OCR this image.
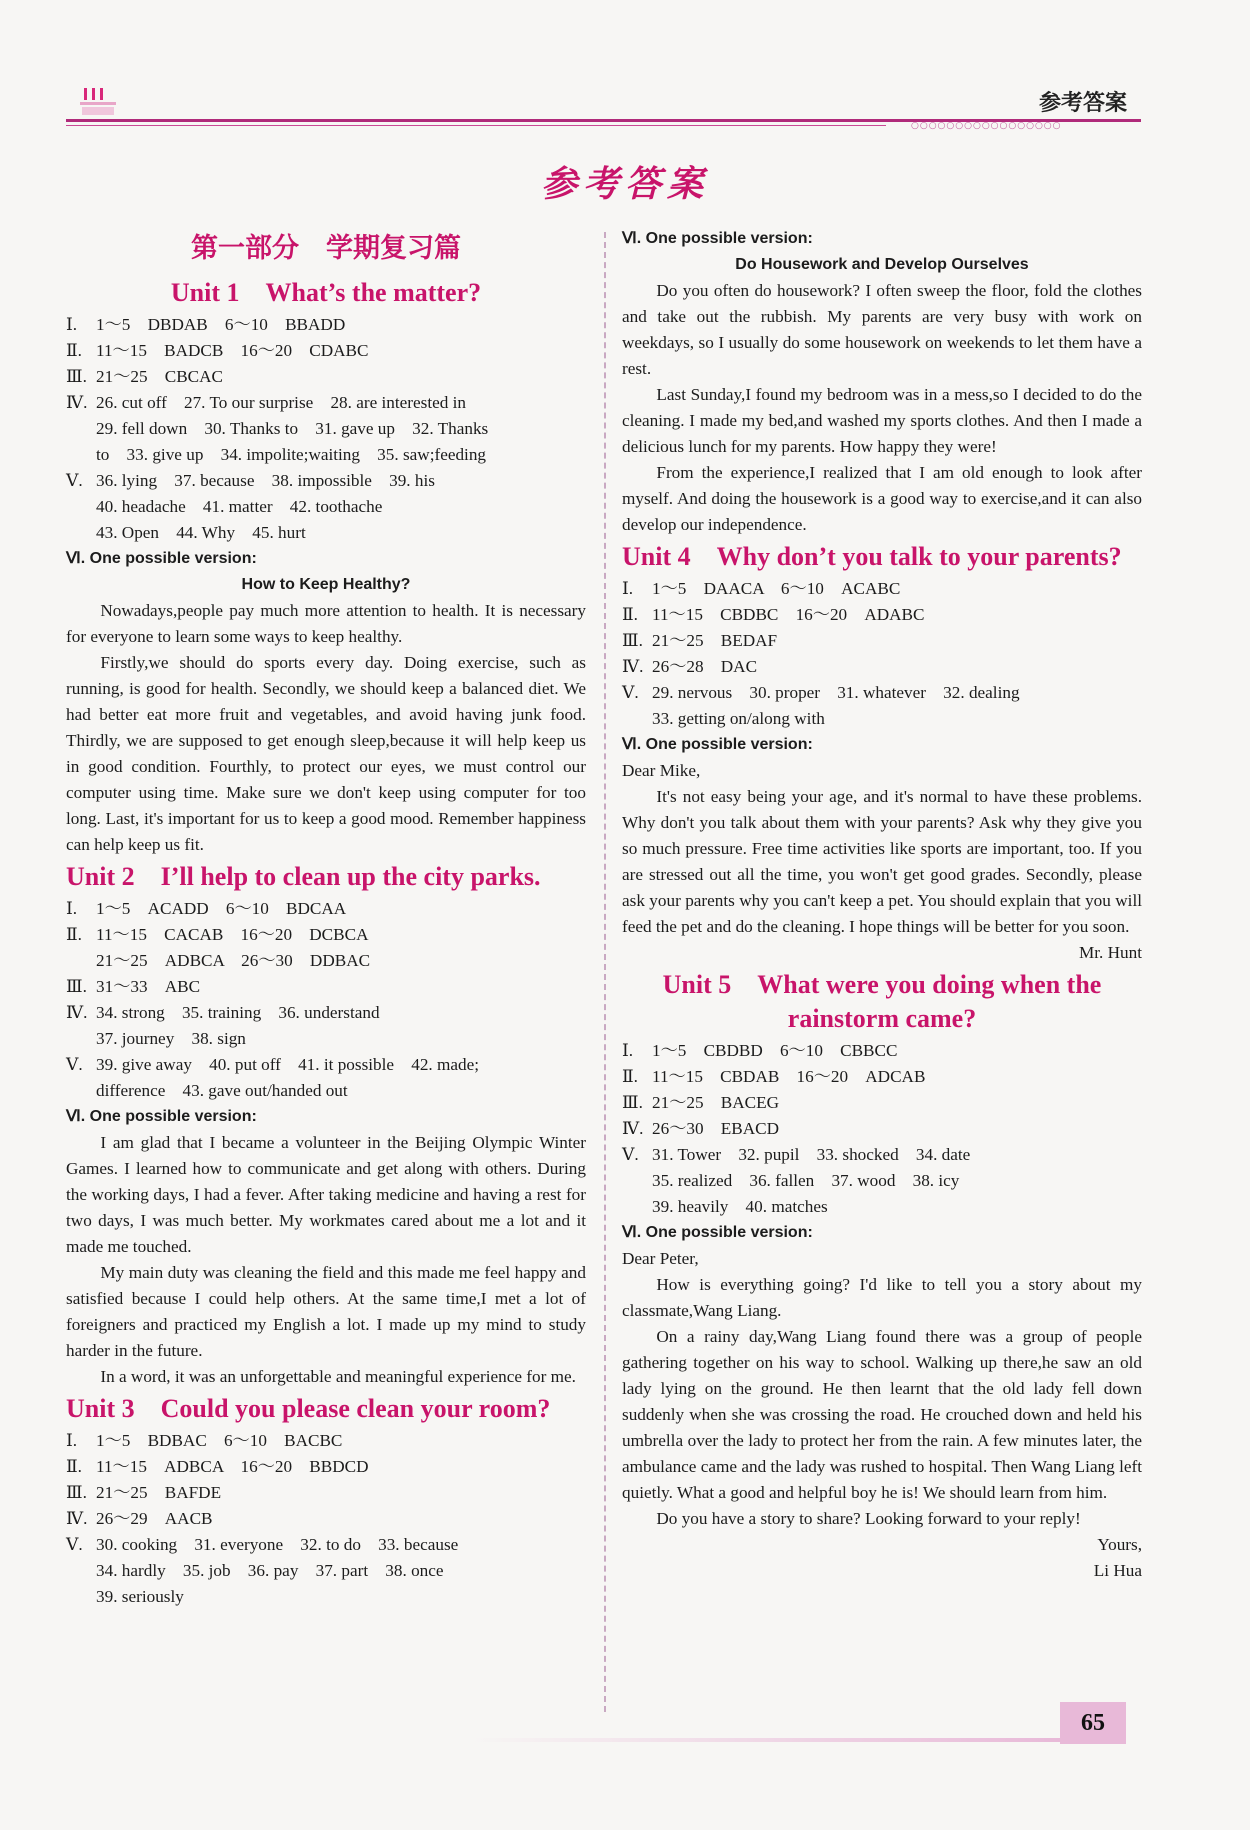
参考答案
○○○○○○○○○○○○○○○○○
参考答案
第一部分　学期复习篇
Unit 1　What’s the matter?
Ⅰ.	1～5　DBDAB　6～10　BBADD
Ⅱ. 11～15　BADCB　16～20　CDABC
Ⅲ. 21～25　CBCAC
Ⅳ. 26. cut off　27. To our surprise　28. are interested in
29. fell down　30. Thanks to　31. gave up　32. Thanks
to　33. give up　34. impolite;waiting　35. saw;feeding
Ⅴ. 36. lying　37. because　38. impossible　39. his
40. headache　41. matter　42. toothache
43. Open　44. Why　45. hurt
Ⅵ. One possible version:
How to Keep Healthy?

Nowadays,people pay much more attention to health. It is necessary for everyone to learn some ways to keep healthy.

Firstly,we should do sports every day. Doing exercise, such as running, is good for health. Secondly, we should keep a balanced diet. We had better eat more fruit and vegetables, and avoid having junk food. Thirdly, we are supposed to get enough sleep,because it will help keep us in good condition. Fourthly, to protect our eyes, we must control our computer using time. Make sure we don't keep using computer for too long. Last, it's important for us to keep a good mood. Remember happiness can help keep us fit.

Unit 2　I’ll help to clean up the city parks.
Ⅰ.	1～5　ACADD　6～10　BDCAA
Ⅱ. 11～15　CACAB　16～20　DCBCA
21～25　ADBCA　26～30　DDBAC
Ⅲ. 31～33　ABC
Ⅳ. 34. strong　35. training　36. understand
37. journey　38. sign
Ⅴ. 39. give away　40. put off　41. it possible　42. made;
difference　43. gave out/handed out
Ⅵ. One possible version:

I am glad that I became a volunteer in the Beijing Olympic Winter Games. I learned how to communicate and get along with others. During the working days, I had a fever. After taking medicine and having a rest for two days, I was much better. My workmates cared about me a lot and it made me touched.

My main duty was cleaning the field and this made me feel happy and satisfied because I could help others. At the same time,I met a lot of foreigners and practiced my English a lot. I made up my mind to study harder in the future.

In a word, it was an unforgettable and meaningful experience for me.

Unit 3　Could you please clean your room?
Ⅰ.	1～5　BDBAC　6～10　BACBC
Ⅱ. 11～15　ADBCA　16～20　BBDCD
Ⅲ. 21～25　BAFDE
Ⅳ. 26～29　AACB
Ⅴ. 30. cooking　31. everyone　32. to do　33. because
34. hardly　35. job　36. pay　37. part　38. once
39. seriously
Ⅵ. One possible version:
Do Housework and Develop Ourselves

Do you often do housework? I often sweep the floor, fold the clothes and take out the rubbish. My parents are very busy with work on weekdays, so I usually do some housework on weekends to let them have a rest.

Last Sunday,I found my bedroom was in a mess,so I decided to do the cleaning. I made my bed,and washed my sports clothes. And then I made a delicious lunch for my parents. How happy they were!

From the experience,I realized that I am old enough to look after myself. And doing the housework is a good way to exercise,and it can also develop our independence.

Unit 4　Why don’t you talk to your parents?
Ⅰ.	1～5　DAACA　6～10　ACABC
Ⅱ. 11～15　CBDBC　16～20　ADABC
Ⅲ. 21～25　BEDAF
Ⅳ. 26～28　DAC
Ⅴ. 29. nervous　30. proper　31. whatever　32. dealing
33. getting on/along with
Ⅵ. One possible version:

Dear Mike,

It's not easy being your age, and it's normal to have these problems. Why don't you talk about them with your parents? Ask why they give you so much pressure. Free time activities like sports are important, too. If you are stressed out all the time, you won't get good grades. Secondly, please ask your parents why you can't keep a pet. You should explain that you will feed the pet and do the cleaning. I hope things will be better for you soon.

Mr. Hunt

Unit 5　What were you doing when the
rainstorm came?
Ⅰ.	1～5　CBDBD　6～10　CBBCC
Ⅱ. 11～15　CBDAB　16～20　ADCAB
Ⅲ. 21～25　BACEG
Ⅳ. 26～30　EBACD
Ⅴ. 31. Tower　32. pupil　33. shocked　34. date
35. realized　36. fallen　37. wood　38. icy
39. heavily　40. matches
Ⅵ. One possible version:

Dear Peter,

How is everything going? I'd like to tell you a story about my classmate,Wang Liang.

On a rainy day,Wang Liang found there was a group of people gathering together on his way to school. Walking up there,he saw an old lady lying on the ground. He then learnt that the old lady fell down suddenly when she was crossing the road. He crouched down and held his umbrella over the lady to protect her from the rain. A few minutes later, the ambulance came and the lady was rushed to hospital. Then Wang Liang left quietly. What a good and helpful boy he is! We should learn from him.

Do you have a story to share? Looking forward to your reply!

Yours,

Li Hua

65
